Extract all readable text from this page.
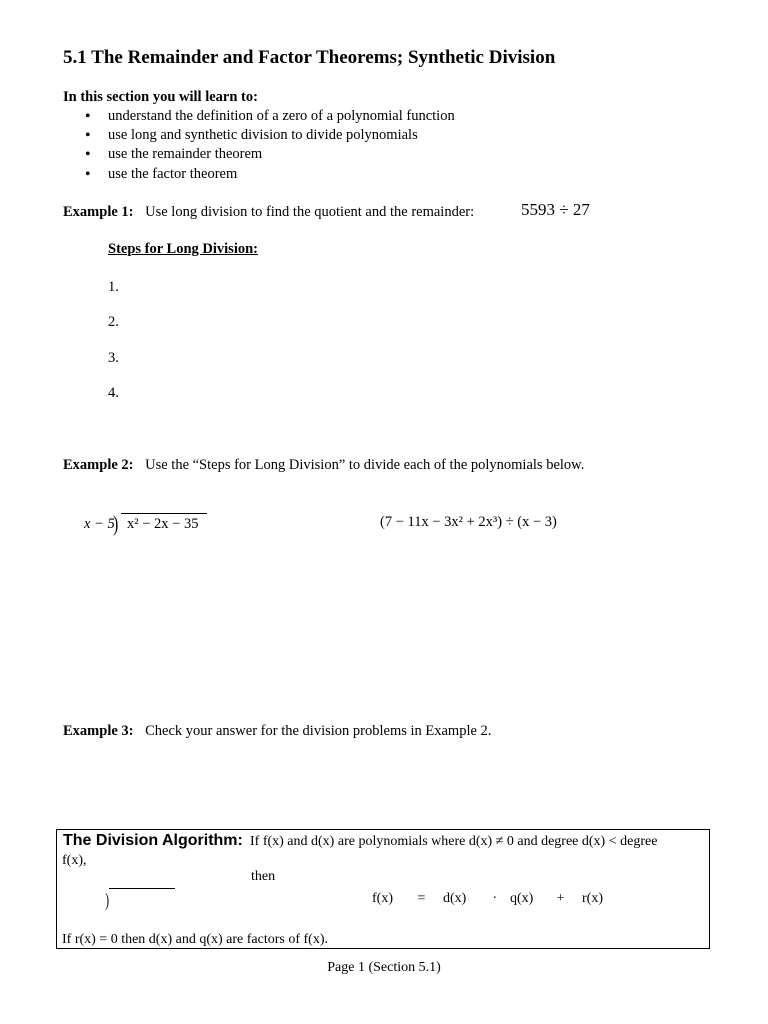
5.1 The Remainder and Factor Theorems; Synthetic Division
In this section you will learn to:
• understand the definition of a zero of a polynomial function
• use long and synthetic division to divide polynomials
• use the remainder theorem
• use the factor theorem
Example 1: Use long division to find the quotient and the remainder:	5593 ÷ 27
Steps for Long Division:
1.
2.
3.
4.
Example 2: Use the “Steps for Long Division” to divide each of the polynomials below.
x − 5
) x² − 2x − 35	(7 − 11x − 3x² + 2x³) ÷ (x − 3)
Example 3: Check your answer for the division problems in Example 2.
The Division Algorithm: If f(x) and d(x) are polynomials where d(x) ≠ 0 and degree d(x) < degree
f(x),
then
)	f(x) = d(x) · q(x) + r(x)
If r(x) = 0 then d(x) and q(x) are factors of f(x).
Page 1 (Section 5.1)
